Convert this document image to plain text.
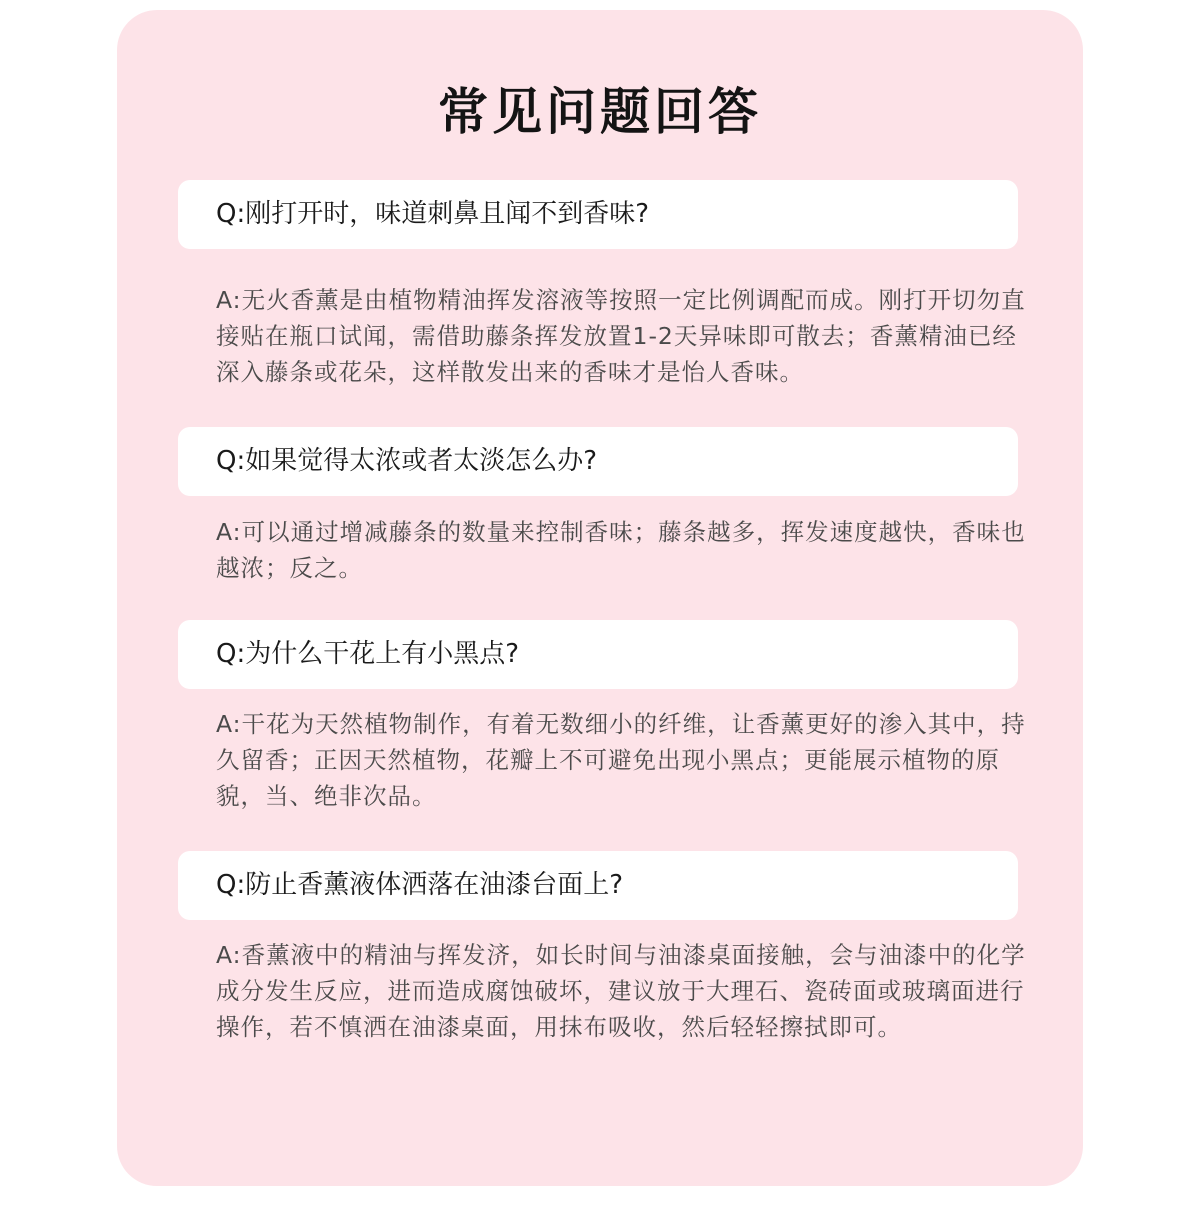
常见问题回答
Q:刚打开时，味道刺鼻且闻不到香味?

A:无火香薰是由植物精油挥发溶液等按照一定比例调配而成。刚打开切勿直接贴在瓶口试闻，需借助藤条挥发放置1-2天异味即可散去；香薰精油已经深入藤条或花朵，这样散发出来的香味才是怡人香味。

Q:如果觉得太浓或者太淡怎么办?

A:可以通过增减藤条的数量来控制香味；藤条越多，挥发速度越快，香味也越浓；反之。

Q:为什么干花上有小黑点?

A:干花为天然植物制作，有着无数细小的纤维，让香薰更好的渗入其中，持久留香；正因天然植物，花瓣上不可避免出现小黑点；更能展示植物的原貌，当、绝非次品。

Q:防止香薰液体洒落在油漆台面上?

A:香薰液中的精油与挥发济，如长时间与油漆桌面接触，会与油漆中的化学成分发生反应，进而造成腐蚀破坏，建议放于大理石、瓷砖面或玻璃面进行操作，若不慎洒在油漆桌面，用抹布吸收，然后轻轻擦拭即可。
